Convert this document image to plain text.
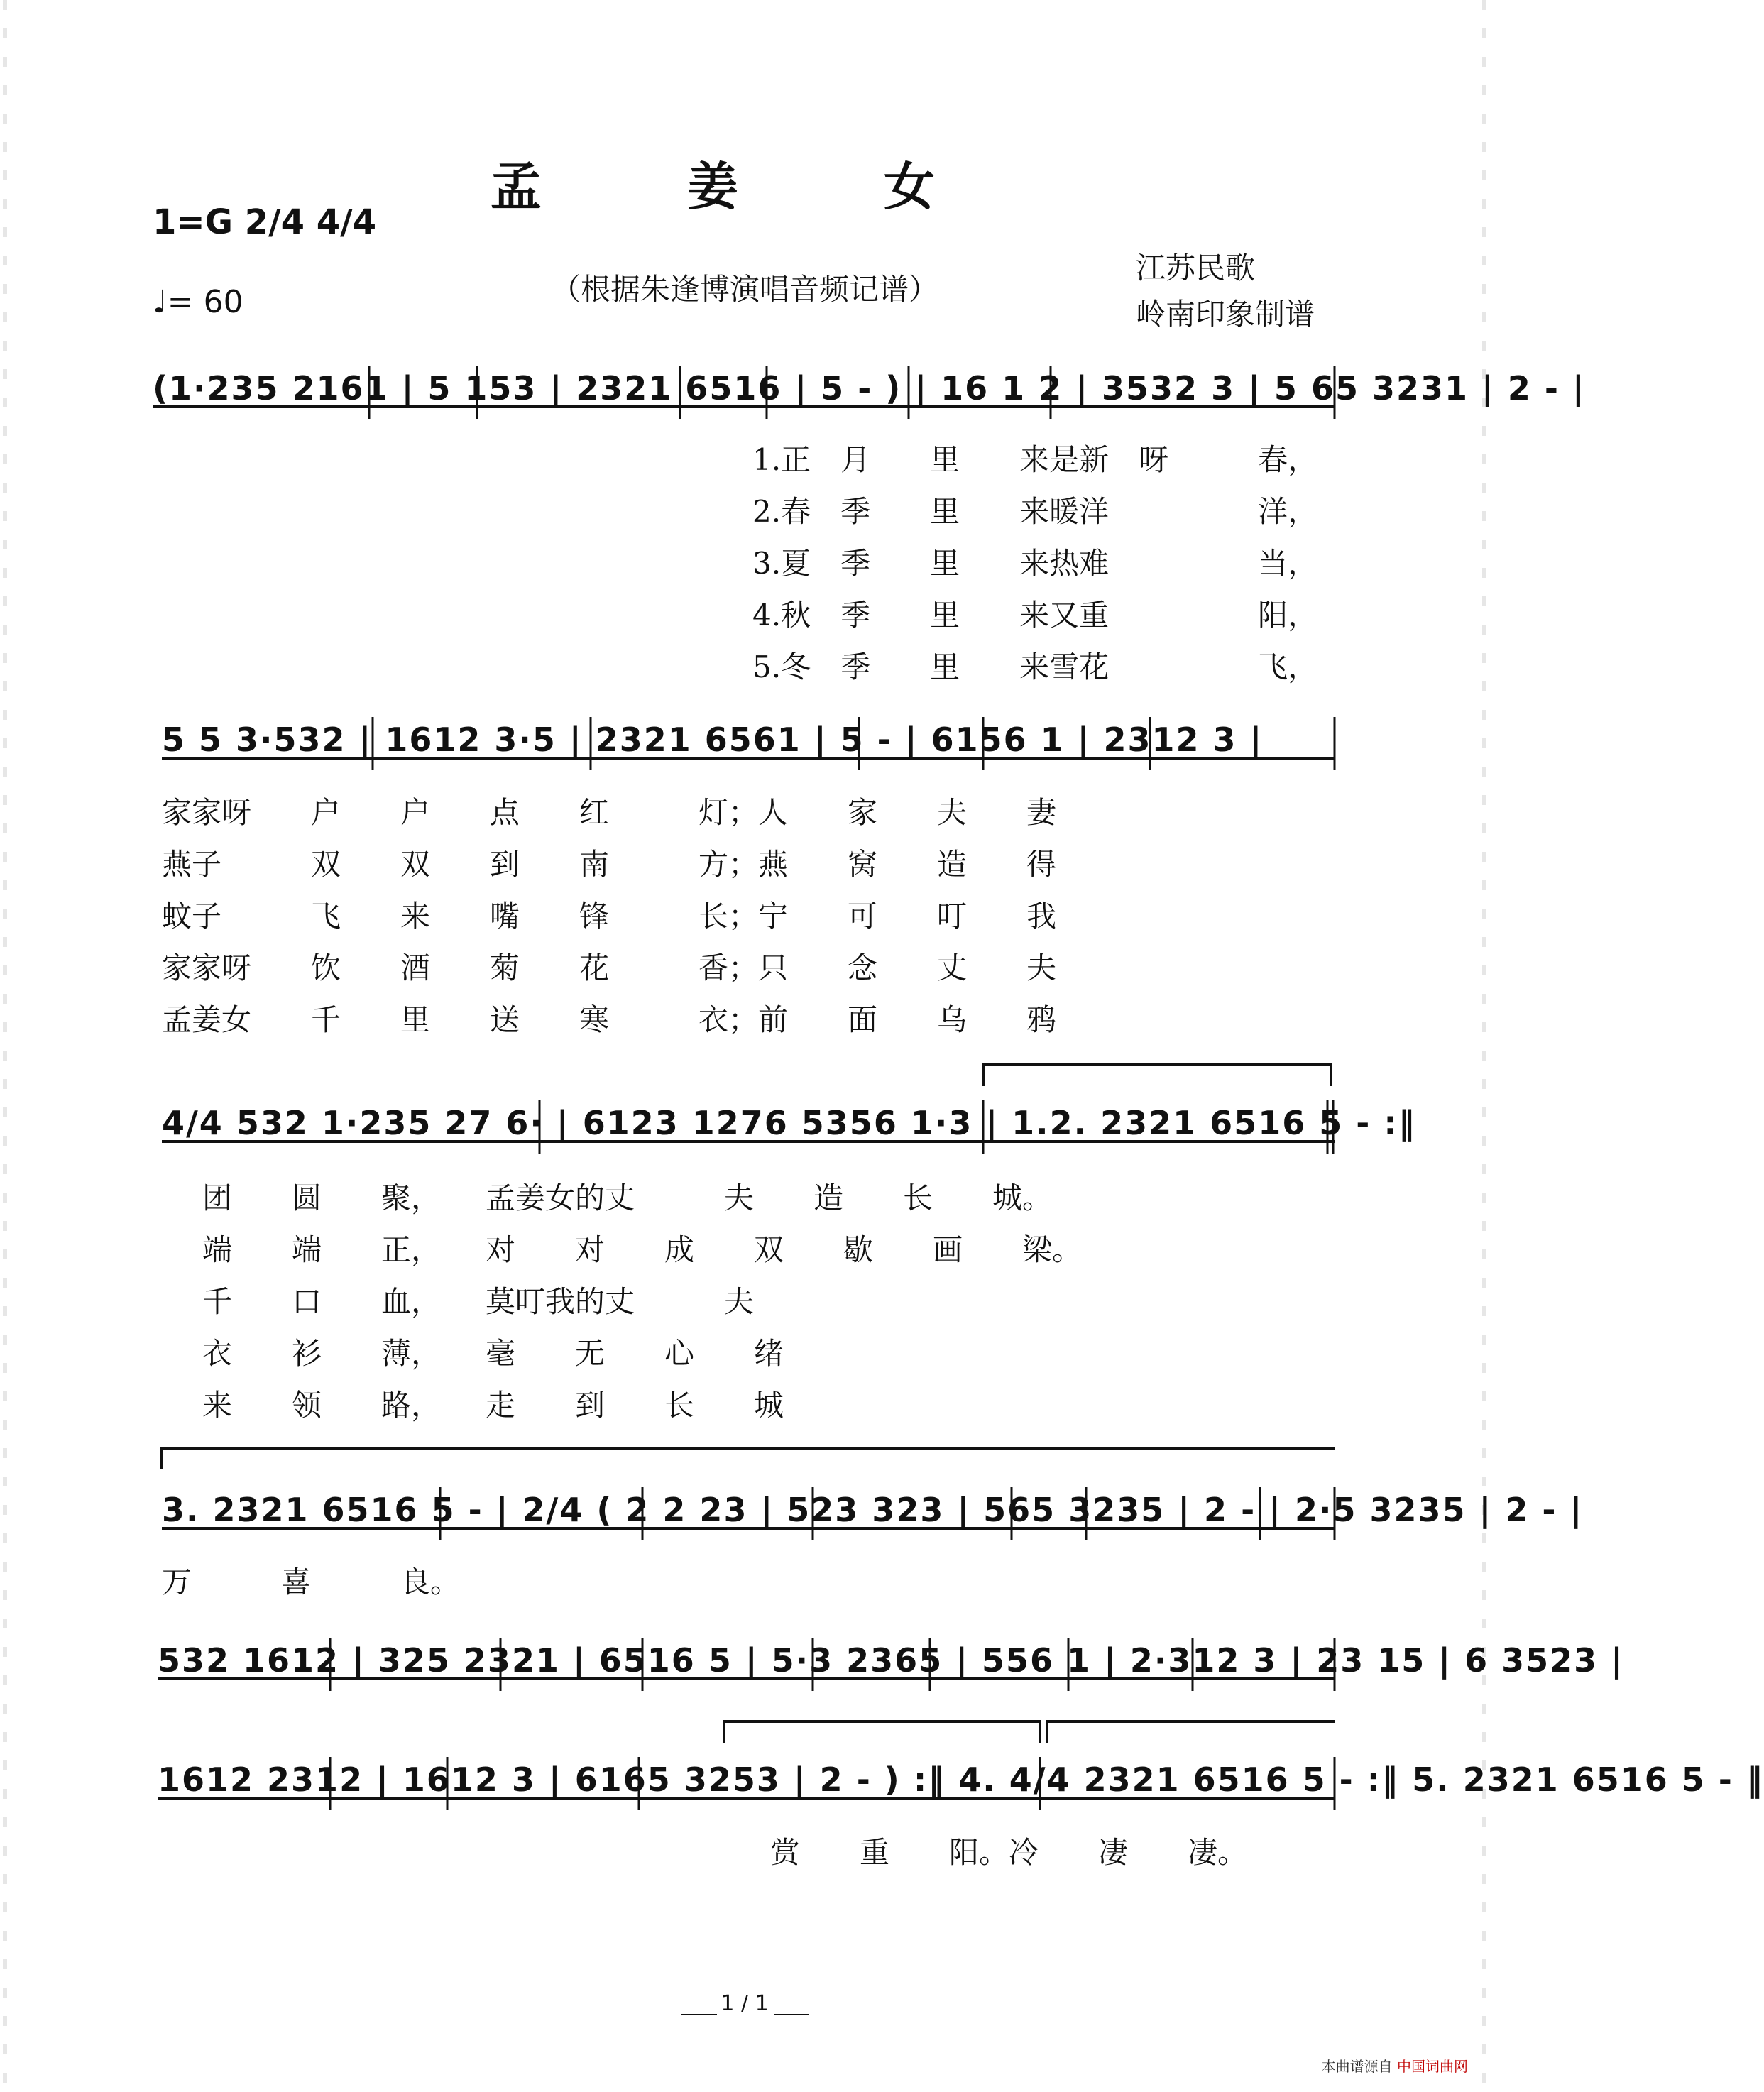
孟 姜 女
1=G 2/4 4/4
♩= 60	（根据朱逢博演唱音频记谱）
江苏民歌
岭南印象制谱
(1·235 2161 | 5 153 | 2321 6516 | 5 - ) | 16 1 2 | 3532 3 | 5 65 3231 | 2 - |
1.正　月　　里　　来是新　呀　　　春，
2.春　季　　里　　来暖洋　　　　　洋，
3.夏　季　　里　　来热难　　　　　当，
4.秋　季　　里　　来又重　　　　　阳，
5.冬　季　　里　　来雪花　　　　　飞，
5 5 3·532 | 1612 3·5 | 2321 6561 | 5 - | 6156 1 | 2312 3 |
家家呀　　户　　户　　点　　红　　　灯；人　　家　　夫　　妻
燕子　　　双　　双　　到　　南　　　方；燕　　窝　　造　　得
蚊子　　　飞　　来　　嘴　　锋　　　长；宁　　可　　叮　　我
家家呀　　饮　　酒　　菊　　花　　　香；只　　念　　丈　　夫
孟姜女　　千　　里　　送　　寒　　　衣；前　　面　　乌　　鸦
4/4 532 1·235 27 6· | 6123 1276 5356 1·3 | 1.2. 2321 6516 5 - :‖
团　　圆　　聚，　　孟姜女的丈　　　夫　　造　　长　　城。
端　　端　　正，　　对　　对　　成　　双　　歇　　画　　梁。
千　　口　　血，　　莫叮我的丈　　　夫
衣　　衫　　薄，　　毫　　无　　心　　绪
来　　领　　路，　　走　　到　　长　　城
3. 2321 6516 5 - | 2/4 ( 2 2 23 | 523 323 | 565 3235 | 2 - | 2·5 3235 | 2 - |
万　　　喜　　　良。
532 1612 | 325 2321 | 6516 5 | 5·3 2365 | 556 1 | 2·312 3 | 23 15 | 6 3523 |
1612 2312 | 1612 3 | 6165 3253 | 2 - ) :‖ 4. 4/4 2321 6516 5 - :‖ 5. 2321 6516 5 - ‖
赏　　重　　阳。冷　　凄　　凄。
1 / 1
本曲谱源自 中国词曲网
